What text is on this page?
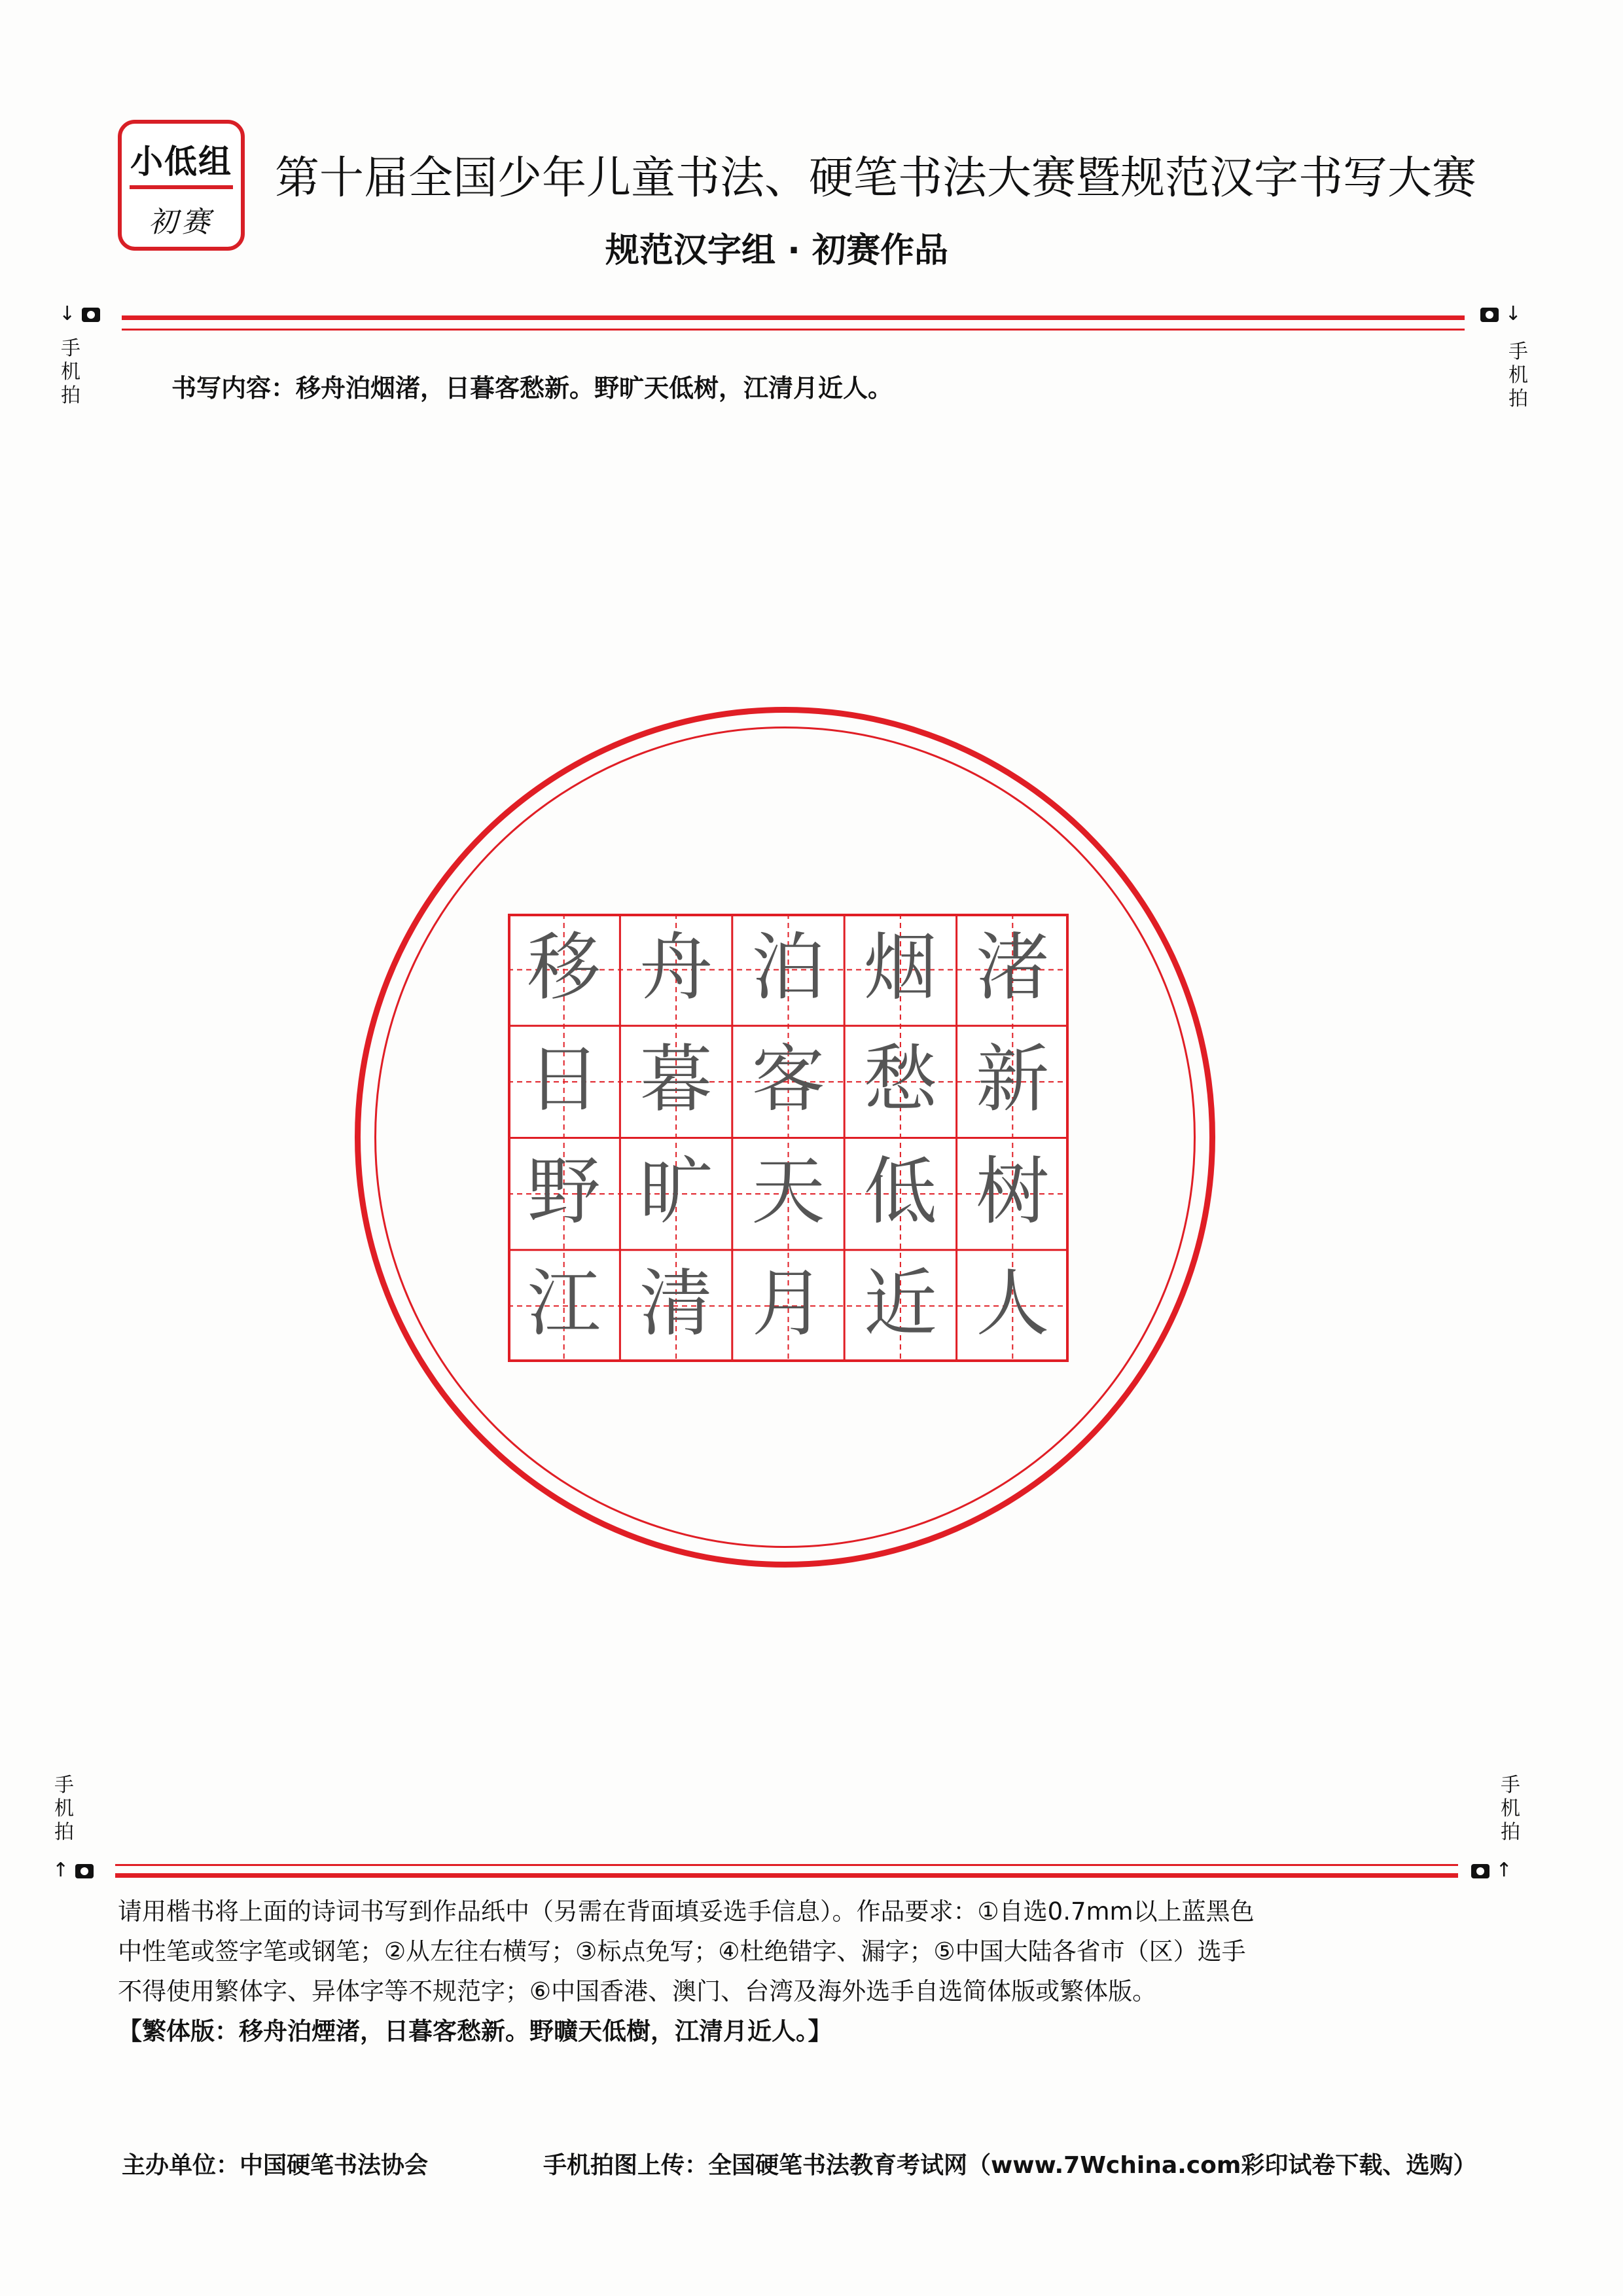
小低组
初赛
第十届全国少年儿童书法、硬笔书法大赛暨规范汉字书写大赛
规范汉字组 · 初赛作品
↓
手
机
拍
↓
手
机
拍
书写内容：移舟泊烟渚，日暮客愁新。野旷天低树，江清月近人。
移 舟 泊 烟 渚
日 暮 客 愁 新
野 旷 天 低 树
江 清 月 近 人
手
机
拍
↑
手
机
拍
↑

请用楷书将上面的诗词书写到作品纸中（另需在背面填妥选手信息）。作品要求：①自选0.7mm以上蓝黑色

中性笔或签字笔或钢笔；②从左往右横写；③标点免写；④杜绝错字、漏字；⑤中国大陆各省市（区）选手

不得使用繁体字、异体字等不规范字；⑥中国香港、澳门、台湾及海外选手自选简体版或繁体版。

【繁体版：移舟泊煙渚，日暮客愁新。野曠天低樹，江清月近人。】

主办单位：中国硬笔书法协会	手机拍图上传：全国硬笔书法教育考试网（www.7Wchina.com彩印试卷下载、选购）
